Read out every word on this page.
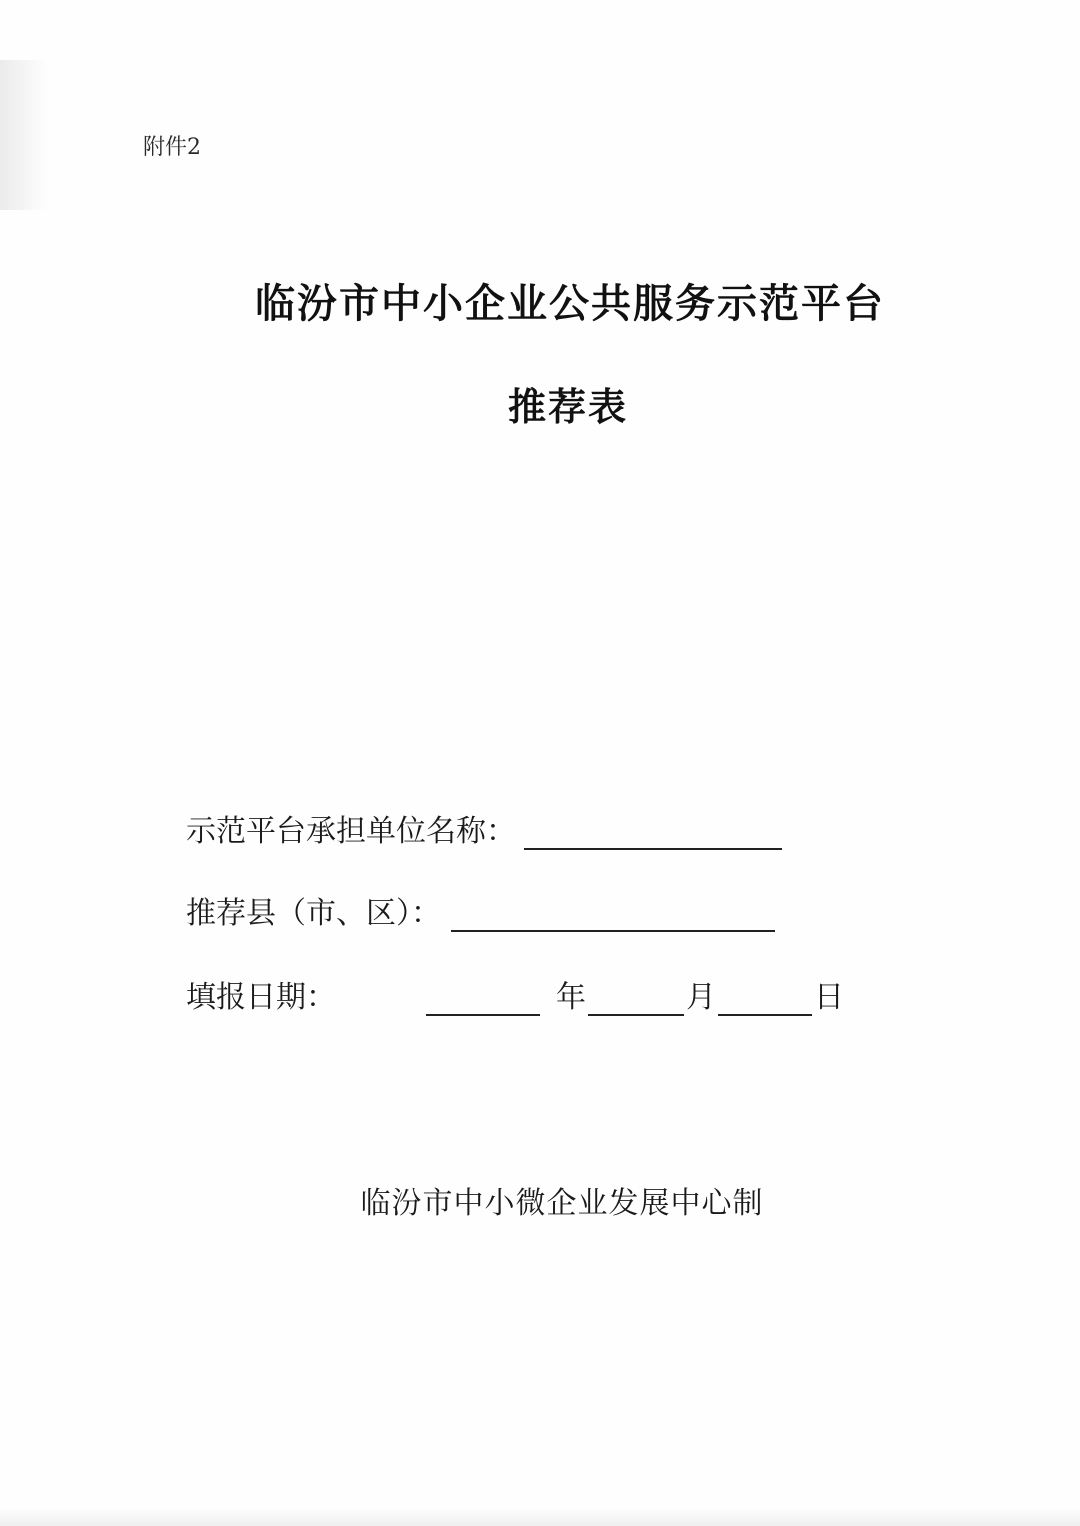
附件2
临汾市中小企业公共服务示范平台
推荐表
示范平台承担单位名称：
推荐县（市、区）：
填报日期：	年	月	日
临汾市中小微企业发展中心制
